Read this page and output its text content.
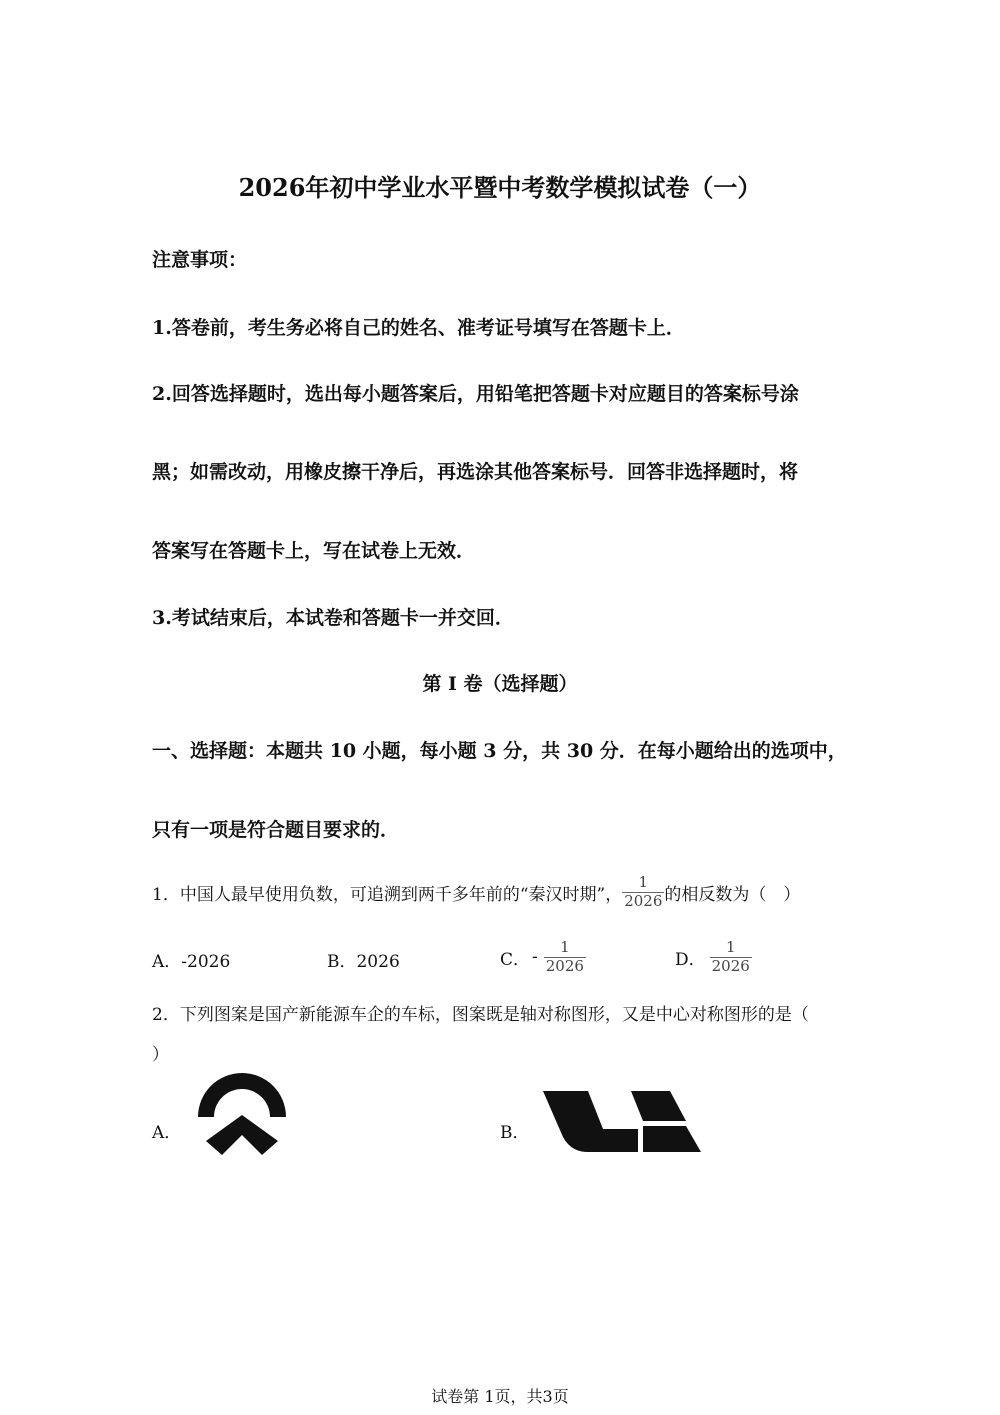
2026年初中学业水平暨中考数学模拟试卷（一）
注意事项：
1.答卷前，考生务必将自己的姓名、准考证号填写在答题卡上．
2.回答选择题时，选出每小题答案后，用铅笔把答题卡对应题目的答案标号涂
黑；如需改动，用橡皮擦干净后，再选涂其他答案标号．回答非选择题时，将
答案写在答题卡上，写在试卷上无效．
3.考试结束后，本试卷和答题卡一并交回．
第 I 卷（选择题）
一、选择题：本题共 10 小题，每小题 3 分，共 30 分．在每小题给出的选项中，
只有一项是符合题目要求的．
1．中国人最早使用负数，可追溯到两千多年前的“秦汉时期”， $\frac{1}{2026}$ 的相反数为（　）
A．-2026	B．2026	C． - $\frac{1}{2026}$	D． $\frac{1}{2026}$
2．下列图案是国产新能源车企的车标，图案既是轴对称图形，又是中心对称图形的是（
）
A．	B．
试卷第 1页，共3页
